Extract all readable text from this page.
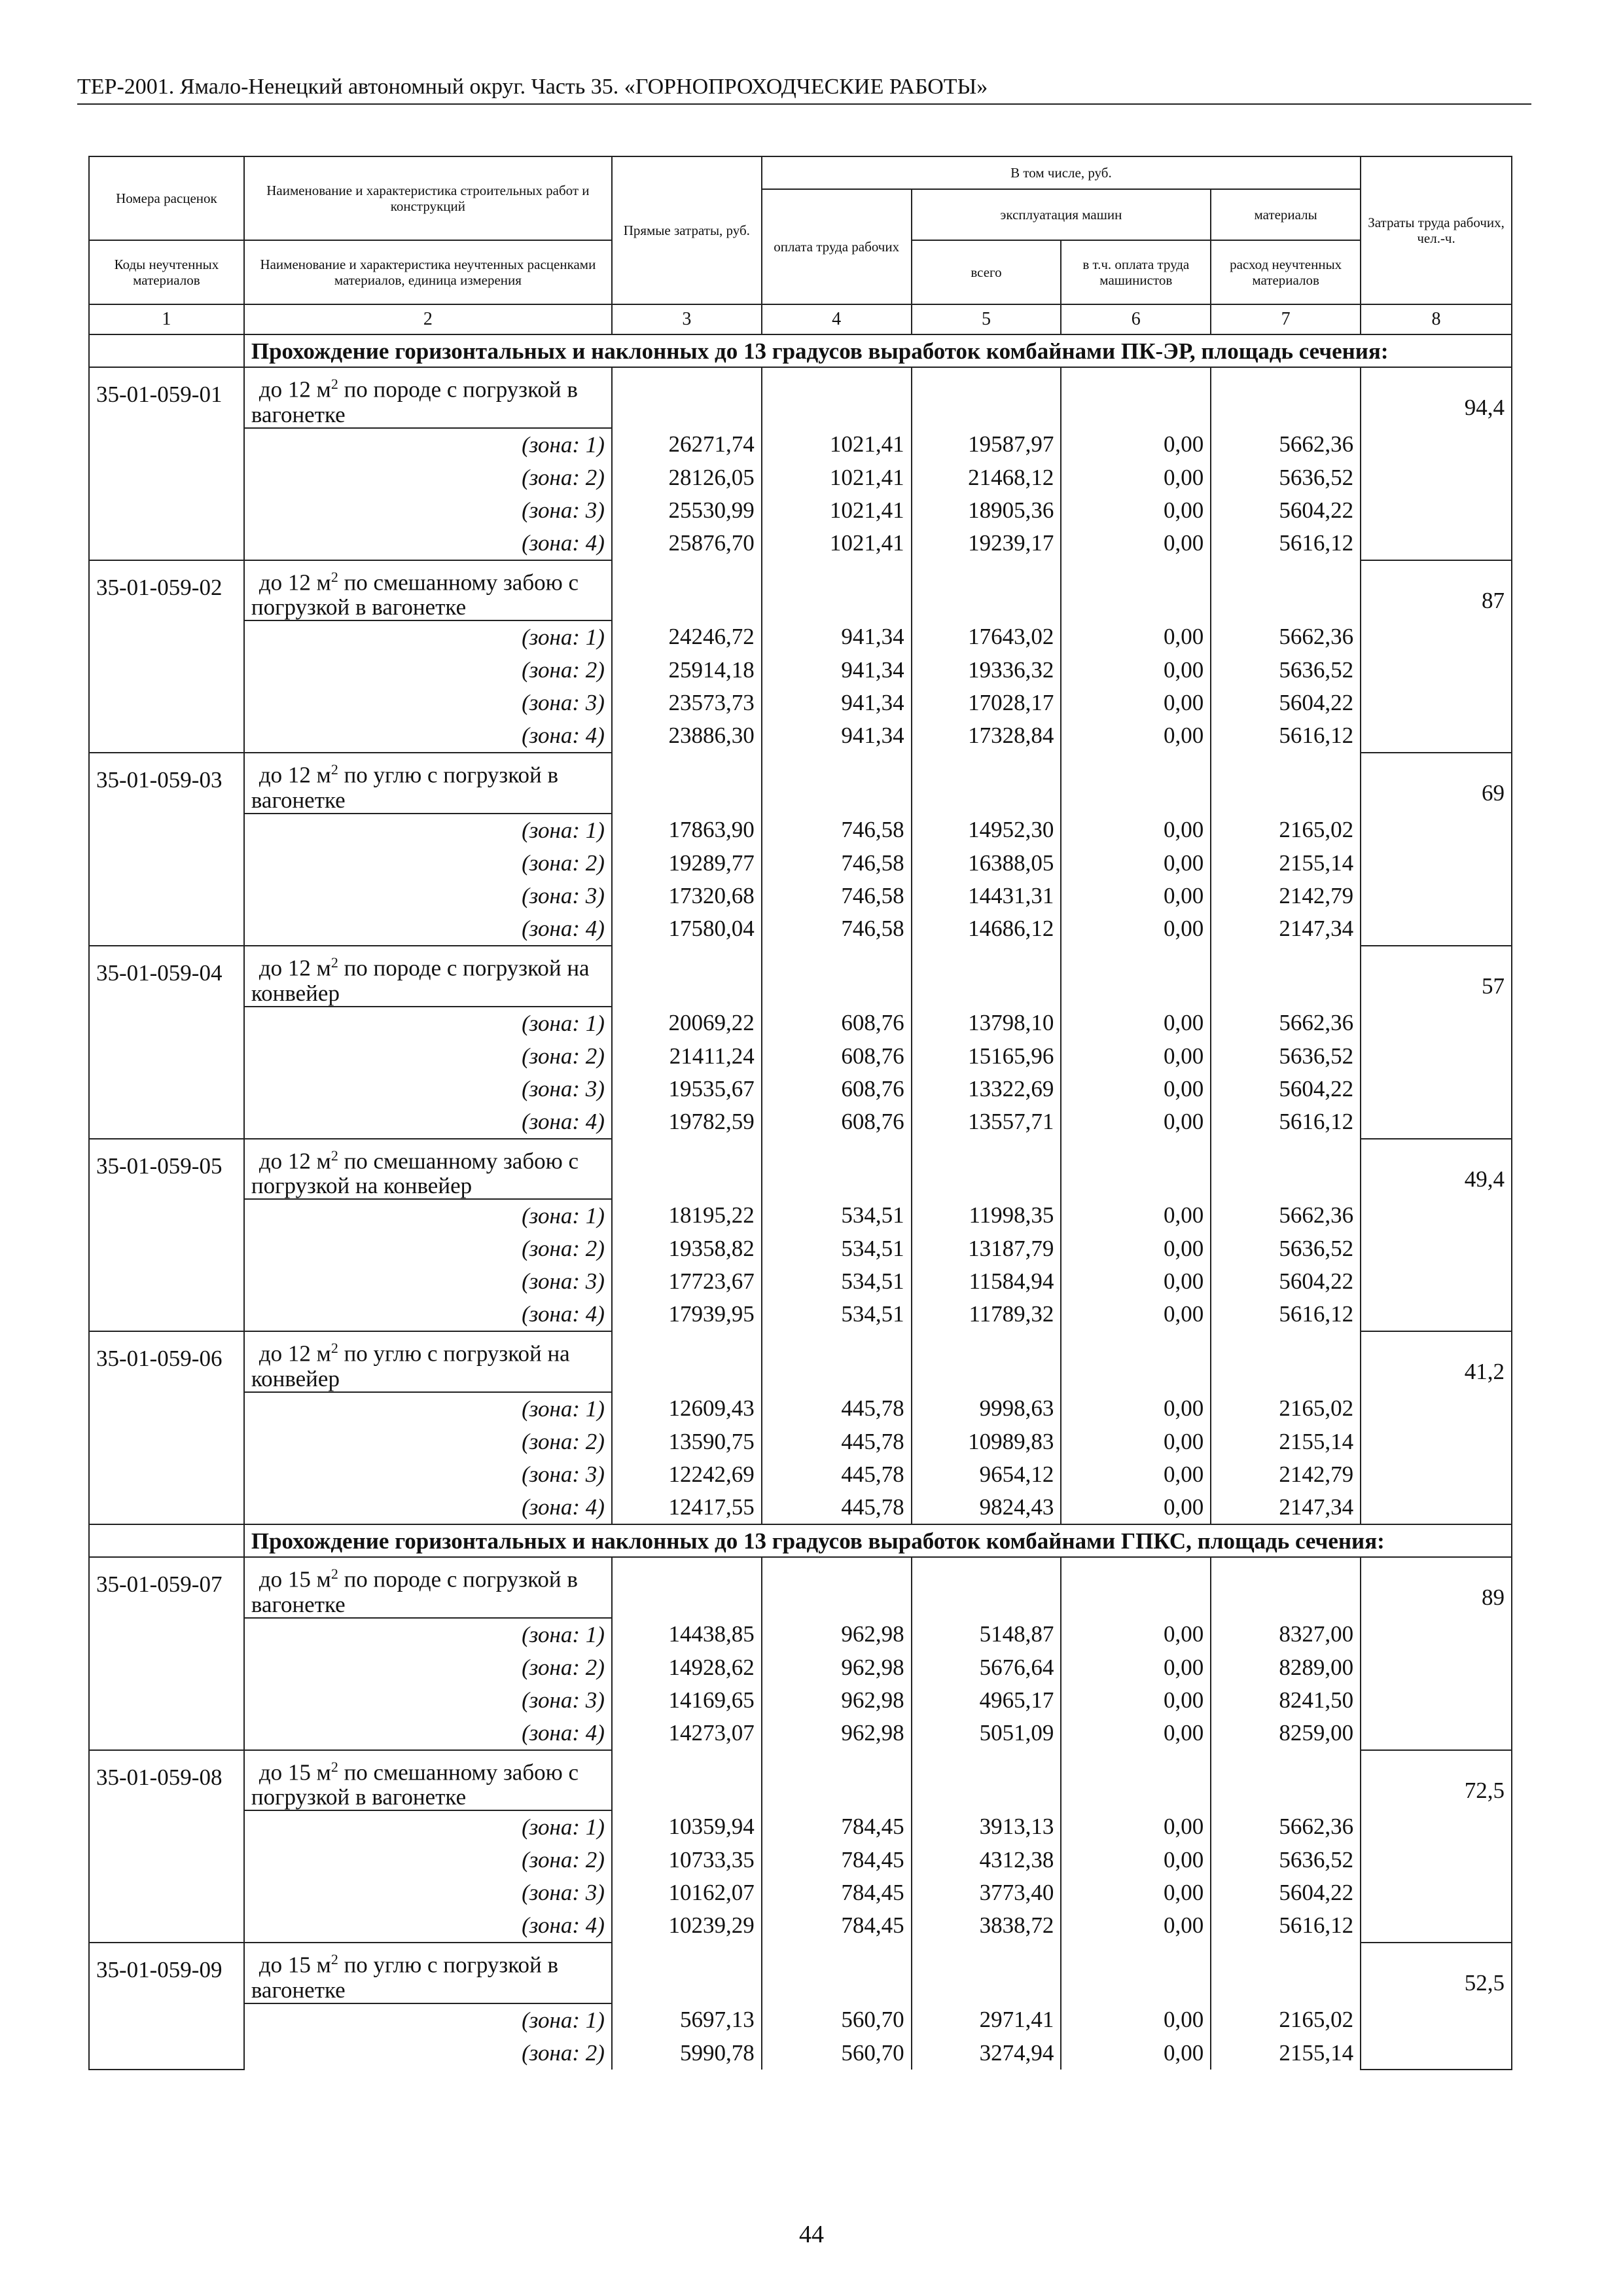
ТЕР-2001. Ямало-Ненецкий автономный округ. Часть 35. «ГОРНОПРОХОДЧЕСКИЕ РАБОТЫ»
Номера расценок	Наименование и характеристика строительных работ и конструкций	Прямые затраты, руб.	В том числе, руб.				Затраты труда рабочих, чел.-ч.
			оплата труда рабочих	эксплуатация машин		материалы	
Коды неучтенных материалов	Наименование и характеристика неучтенных расценками материалов, единица измерения			всего	в т.ч. оплата труда машинистов	расход неучтенных материалов	

1	2	3	4	5	6	7	8
	Прохождение горизонтальных и наклонных до 13 градусов выработок комбайнами ПК-ЭР, площадь сечения:						
35-01-059-01	до 12 $м^2$ по породе с погрузкой в вагонетке						94,4
	(зона: 1)	26271,74	1021,41	19587,97	0,00	5662,36	
	(зона: 2)	28126,05	1021,41	21468,12	0,00	5636,52	
	(зона: 3)	25530,99	1021,41	18905,36	0,00	5604,22	
	(зона: 4)	25876,70	1021,41	19239,17	0,00	5616,12	
35-01-059-02	до 12 $м^2$ по смешанному забою с погрузкой в вагонетке						87
	(зона: 1)	24246,72	941,34	17643,02	0,00	5662,36	
	(зона: 2)	25914,18	941,34	19336,32	0,00	5636,52	
	(зона: 3)	23573,73	941,34	17028,17	0,00	5604,22	
	(зона: 4)	23886,30	941,34	17328,84	0,00	5616,12	
35-01-059-03	до 12 $м^2$ по углю с погрузкой в вагонетке						69
	(зона: 1)	17863,90	746,58	14952,30	0,00	2165,02	
	(зона: 2)	19289,77	746,58	16388,05	0,00	2155,14	
	(зона: 3)	17320,68	746,58	14431,31	0,00	2142,79	
	(зона: 4)	17580,04	746,58	14686,12	0,00	2147,34	
35-01-059-04	до 12 $м^2$ по породе с погрузкой на конвейер						57
	(зона: 1)	20069,22	608,76	13798,10	0,00	5662,36	
	(зона: 2)	21411,24	608,76	15165,96	0,00	5636,52	
	(зона: 3)	19535,67	608,76	13322,69	0,00	5604,22	
	(зона: 4)	19782,59	608,76	13557,71	0,00	5616,12	
35-01-059-05	до 12 $м^2$ по смешанному забою с погрузкой на конвейер						49,4
	(зона: 1)	18195,22	534,51	11998,35	0,00	5662,36	
	(зона: 2)	19358,82	534,51	13187,79	0,00	5636,52	
	(зона: 3)	17723,67	534,51	11584,94	0,00	5604,22	
	(зона: 4)	17939,95	534,51	11789,32	0,00	5616,12	
35-01-059-06	до 12 $м^2$ по углю с погрузкой на конвейер						41,2
	(зона: 1)	12609,43	445,78	9998,63	0,00	2165,02	
	(зона: 2)	13590,75	445,78	10989,83	0,00	2155,14	
	(зона: 3)	12242,69	445,78	9654,12	0,00	2142,79	
	(зона: 4)	12417,55	445,78	9824,43	0,00	2147,34	
	Прохождение горизонтальных и наклонных до 13 градусов выработок комбайнами ГПКС, площадь сечения:						
35-01-059-07	до 15 $м^2$ по породе с погрузкой в вагонетке						89
	(зона: 1)	14438,85	962,98	5148,87	0,00	8327,00	
	(зона: 2)	14928,62	962,98	5676,64	0,00	8289,00	
	(зона: 3)	14169,65	962,98	4965,17	0,00	8241,50	
	(зона: 4)	14273,07	962,98	5051,09	0,00	8259,00	
35-01-059-08	до 15 $м^2$ по смешанному забою с погрузкой в вагонетке						72,5
	(зона: 1)	10359,94	784,45	3913,13	0,00	5662,36	
	(зона: 2)	10733,35	784,45	4312,38	0,00	5636,52	
	(зона: 3)	10162,07	784,45	3773,40	0,00	5604,22	
	(зона: 4)	10239,29	784,45	3838,72	0,00	5616,12	
35-01-059-09	до 15 $м^2$ по углю с погрузкой в вагонетке						52,5
	(зона: 1)	5697,13	560,70	2971,41	0,00	2165,02	
	(зона: 2)	5990,78	560,70	3274,94	0,00	2155,14	
44
